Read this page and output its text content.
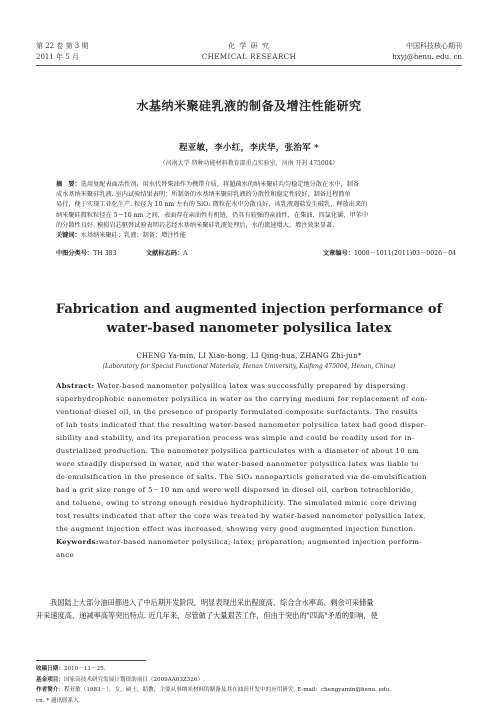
第 22 卷 第 3 期
2011 年 5 月
化 学 研 究
CHEMICAL RESEARCH
中国科技核心期刊
hxyj@henu. edu. cn
水基纳米聚硅乳液的制备及增注性能研究
程亚敏，李小红，李庆华，张治军 *
（河南大学 特种功能材料教育部重点实验室，河南 开封 475004）
摘　要：选用复配表面活性剂，用水代替柴油作为携带介质，将超疏水的纳米聚硅均匀稳定地分散在水中，制备
成水基纳米聚硅乳液. 室内试验结果表明：所制备的水基纳米聚硅乳液的分散性和稳定性较好，制备过程简单
易行，便于实现工业化生产. 粒径为 10 nm 左右的 SiO₂ 微粒在水中分散良好，该乳液遇盐发生破乳，释放出来的
纳米聚硅微粒粒径在 5～10 nm 之间，表面存在亲油性有机链，仍具有较强的亲油性，在柴油，四氯化碳，甲苯中
的分散性良好. 模拟岩芯驱替试验表明岩芯经水基纳米聚硅乳液处理后，水的流速增大，增注效果显著.
关键词：水基纳米聚硅；乳液；制备；增注性能
中图分类号：TH 383	文献标志码：A	文章编号：1008－1011(2011)03－0026－04
Fabrication and augmented injection performance of
water-based nanometer polysilica latex
CHENG Ya-min, LI Xiao-hong, LI Qing-hua, ZHANG Zhi-jun*
(Laboratory for Special Functional Materials, Henan University, Kaifeng 475004, Henan, China)
Abstract: Water-based nanometer polysilica latex was successfully prepared by dispersing
superhydrophobic nanometer polysilica in water as the carrying medium for replacement of con-
ventional diesel oil, in the presence of properly formulated composite surfactants. The results
of lab tests indicated that the resulting water-based nanometer polysilica latex had good disper-
sibility and stability, and its preparation process was simple and could be readily used for in-
dustrialized production. The nanometer polysilica particulates with a diameter of about 10 nm
were steadily dispersed in water, and the water-based nanometer polysilica latex was liable to
de-emulsification in the presence of salts. The SiO₂ nanoparticls generated via de-emulsification
had a grit size range of 5－10 nm and were well dispersed in diesel oil, carbon tetrachloride,
and toluene, owing to strong enough residue hydrophilicity. The simulated mimic core driving
test results indicated that after the core was treated by water-based nanometer polysilica latex,
the augment injection effect was increased, showing very good augmented injection function.
Keywords:water-based nanometer polysilica; latex; preparation; augmented injection perform-
ance
我国陆上大部分油田都进入了中后期开发阶段，明显表现出采出程度高、综合含水率高、剩余可采储量
开采速度高、递减率高等突出特点. 近几年来，尽管做了大量艰苦工作，但由于突出的"四高"矛盾的影响，使
收稿日期：2010－11－25.
基金项目：国家高技术研究发展计划资助项目（2009AA03Z326）.
作者简介：程亚敏（1983－），女，硕士，助教，主要从事纳米材料的制备及其在油田开发中的应用研究. E-mail：chengyamin@henu. edu.
cn. * 通讯联系人.
